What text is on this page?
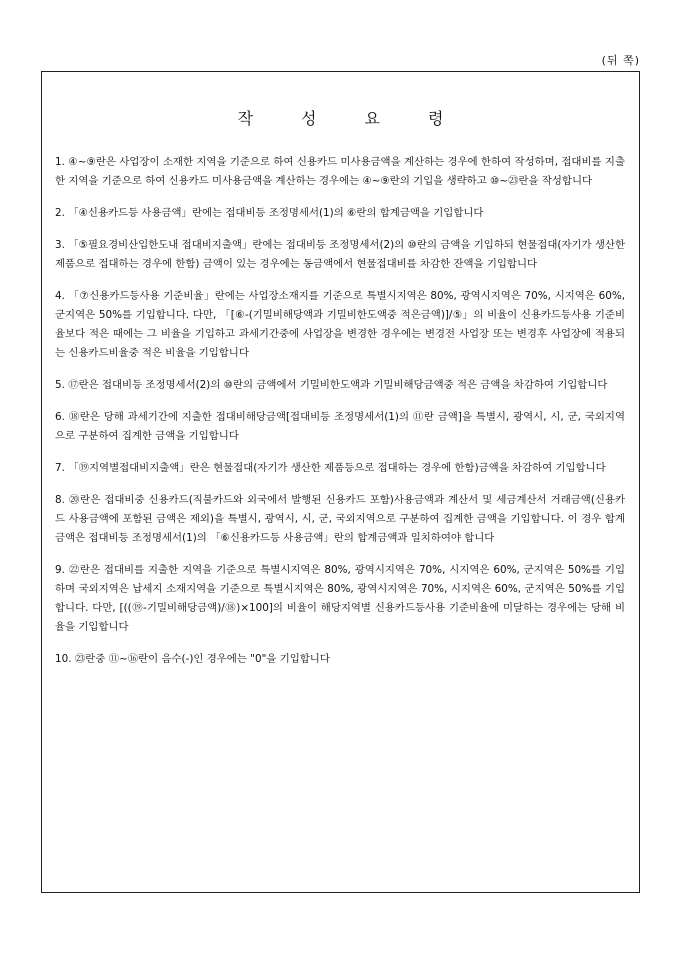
(뒤 쪽)
작	성	요	령

1. ④~⑨란은 사업장이 소재한 지역을 기준으로 하여 신용카드 미사용금액을 계산하는 경우에 한하여 작성하며, 접대비를 지출한 지역을 기준으로 하여 신용카드 미사용금액을 계산하는 경우에는 ④~⑨란의 기입을 생략하고 ⑩~㉓란을 작성합니다

2. 「④신용카드등 사용금액」란에는 접대비등 조정명세서(1)의 ⑥란의 합계금액을 기입합니다

3. 「⑤필요경비산입한도내 접대비지출액」란에는 접대비등 조정명세서(2)의 ⑩란의 금액을 기입하되 현물접대(자기가 생산한 제품으로 접대하는 경우에 한함) 금액이 있는 경우에는 동금액에서 현물접대비를 차감한 잔액을 기입합니다

4. 「⑦신용카드등사용 기준비율」란에는 사업장소재지를 기준으로 특별시지역은 80%, 광역시지역은 70%, 시지역은 60%, 군지역은 50%를 기입합니다. 다만, 「[⑥-(기밀비해당액과 기밀비한도액중 적은금액)]/⑤」의 비율이 신용카드등사용 기준비율보다 적은 때에는 그 비율을 기입하고 과세기간중에 사업장을 변경한 경우에는 변경전 사업장 또는 변경후 사업장에 적용되는 신용카드비율중 적은 비율을 기입합니다

5. ⑰란은 접대비등 조정명세서(2)의 ⑩란의 금액에서 기밀비한도액과 기밀비해당금액중 적은 금액을 차감하여 기입합니다

6. ⑱란은 당해 과세기간에 지출한 접대비해당금액[접대비등 조정명세서(1)의 ⑪란 금액]을 특별시, 광역시, 시, 군, 국외지역으로 구분하여 집계한 금액을 기입합니다

7. 「⑲지역별접대비지출액」란은 현물접대(자기가 생산한 제품등으로 접대하는 경우에 한함)금액을 차감하여 기입합니다

8. ⑳란은 접대비중 신용카드(직불카드와 외국에서 발행된 신용카드 포함)사용금액과 계산서 및 세금계산서 거래금액(신용카드 사용금액에 포함된 금액은 제외)을 특별시, 광역시, 시, 군, 국외지역으로 구분하여 집계한 금액을 기입합니다. 이 경우 합계금액은 접대비등 조정명세서(1)의 「⑥신용카드등 사용금액」란의 합계금액과 일치하여야 합니다

9. ㉒란은 접대비를 지출한 지역을 기준으로 특별시지역은 80%, 광역시지역은 70%, 시지역은 60%, 군지역은 50%를 기입하며 국외지역은 납세지 소재지역을 기준으로 특별시지역은 80%, 광역시지역은 70%, 시지역은 60%, 군지역은 50%를 기입합니다. 다만, [((⑲-기밀비해당금액)/⑱)×100]의 비율이 해당지역별 신용카드등사용 기준비율에 미달하는 경우에는 당해 비율을 기입합니다

10. ㉓란중 ⑪~⑯란이 음수(-)인 경우에는 "0"을 기입합니다
